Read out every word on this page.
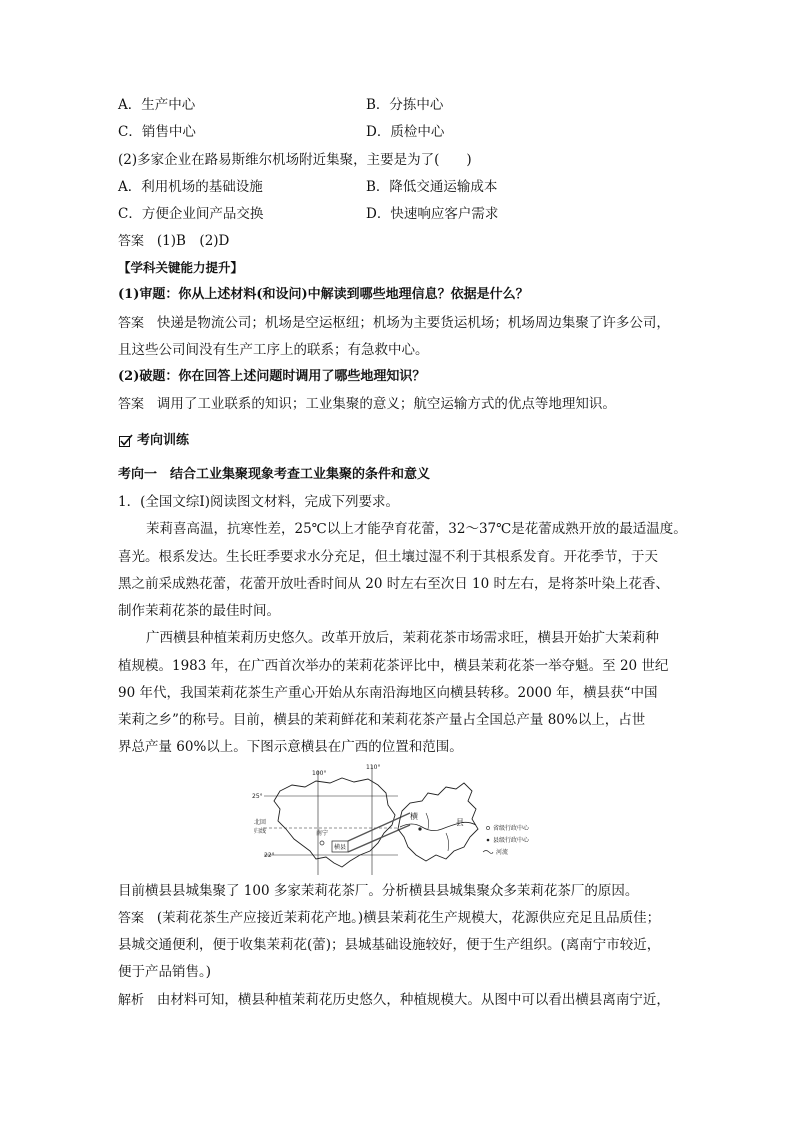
A．生产中心	B．分拣中心
C．销售中心	D．质检中心
(2)多家企业在路易斯维尔机场附近集聚，主要是为了(　　)
A．利用机场的基础设施	B．降低交通运输成本
C．方便企业间产品交换	D．快速响应客户需求
答案 (1)B　(2)D
【学科关键能力提升】
(1)审题：你从上述材料(和设问)中解读到哪些地理信息？依据是什么？
答案 快递是物流公司；机场是空运枢纽；机场为主要货运机场；机场周边集聚了许多公司，
且这些公司间没有生产工序上的联系；有急救中心。
(2)破题：你在回答上述问题时调用了哪些地理知识？
答案 调用了工业联系的知识；工业集聚的意义；航空运输方式的优点等地理知识。
考向训练
考向一　结合工业集聚现象考查工业集聚的条件和意义
1．(全国文综Ⅰ)阅读图文材料，完成下列要求。
茉莉喜高温，抗寒性差，25℃以上才能孕育花蕾，32～37℃是花蕾成熟开放的最适温度。
喜光。根系发达。生长旺季要求水分充足，但土壤过湿不利于其根系发育。开花季节，于天
黑之前采成熟花蕾，花蕾开放吐香时间从 20 时左右至次日 10 时左右，是将茶叶染上花香、
制作茉莉花茶的最佳时间。
广西横县种植茉莉历史悠久。改革开放后，茉莉花茶市场需求旺，横县开始扩大茉莉种
植规模。1983 年，在广西首次举办的茉莉花茶评比中，横县茉莉花茶一举夺魁。至 20 世纪
90 年代，我国茉莉花茶生产重心开始从东南沿海地区向横县转移。2000 年，横县获“中国
茉莉之乡”的称号。目前，横县的茉莉鲜花和茉莉花茶产量占全国总产量 80%以上，占世
界总产量 60%以上。下图示意横县在广西的位置和范围。
110°
100°
25°
22°
北回
归线	南宁
横县
横
县
省级行政中心
县级行政中心
河流
目前横县县城集聚了 100 多家茉莉花茶厂。分析横县县城集聚众多茉莉花茶厂的原因。
答案 (茉莉花茶生产应接近茉莉花产地。)横县茉莉花生产规模大，花源供应充足且品质佳；
县城交通便利，便于收集茉莉花(蕾)；县城基础设施较好，便于生产组织。(离南宁市较近，
便于产品销售。)
解析 由材料可知，横县种植茉莉花历史悠久，种植规模大。从图中可以看出横县离南宁近，
